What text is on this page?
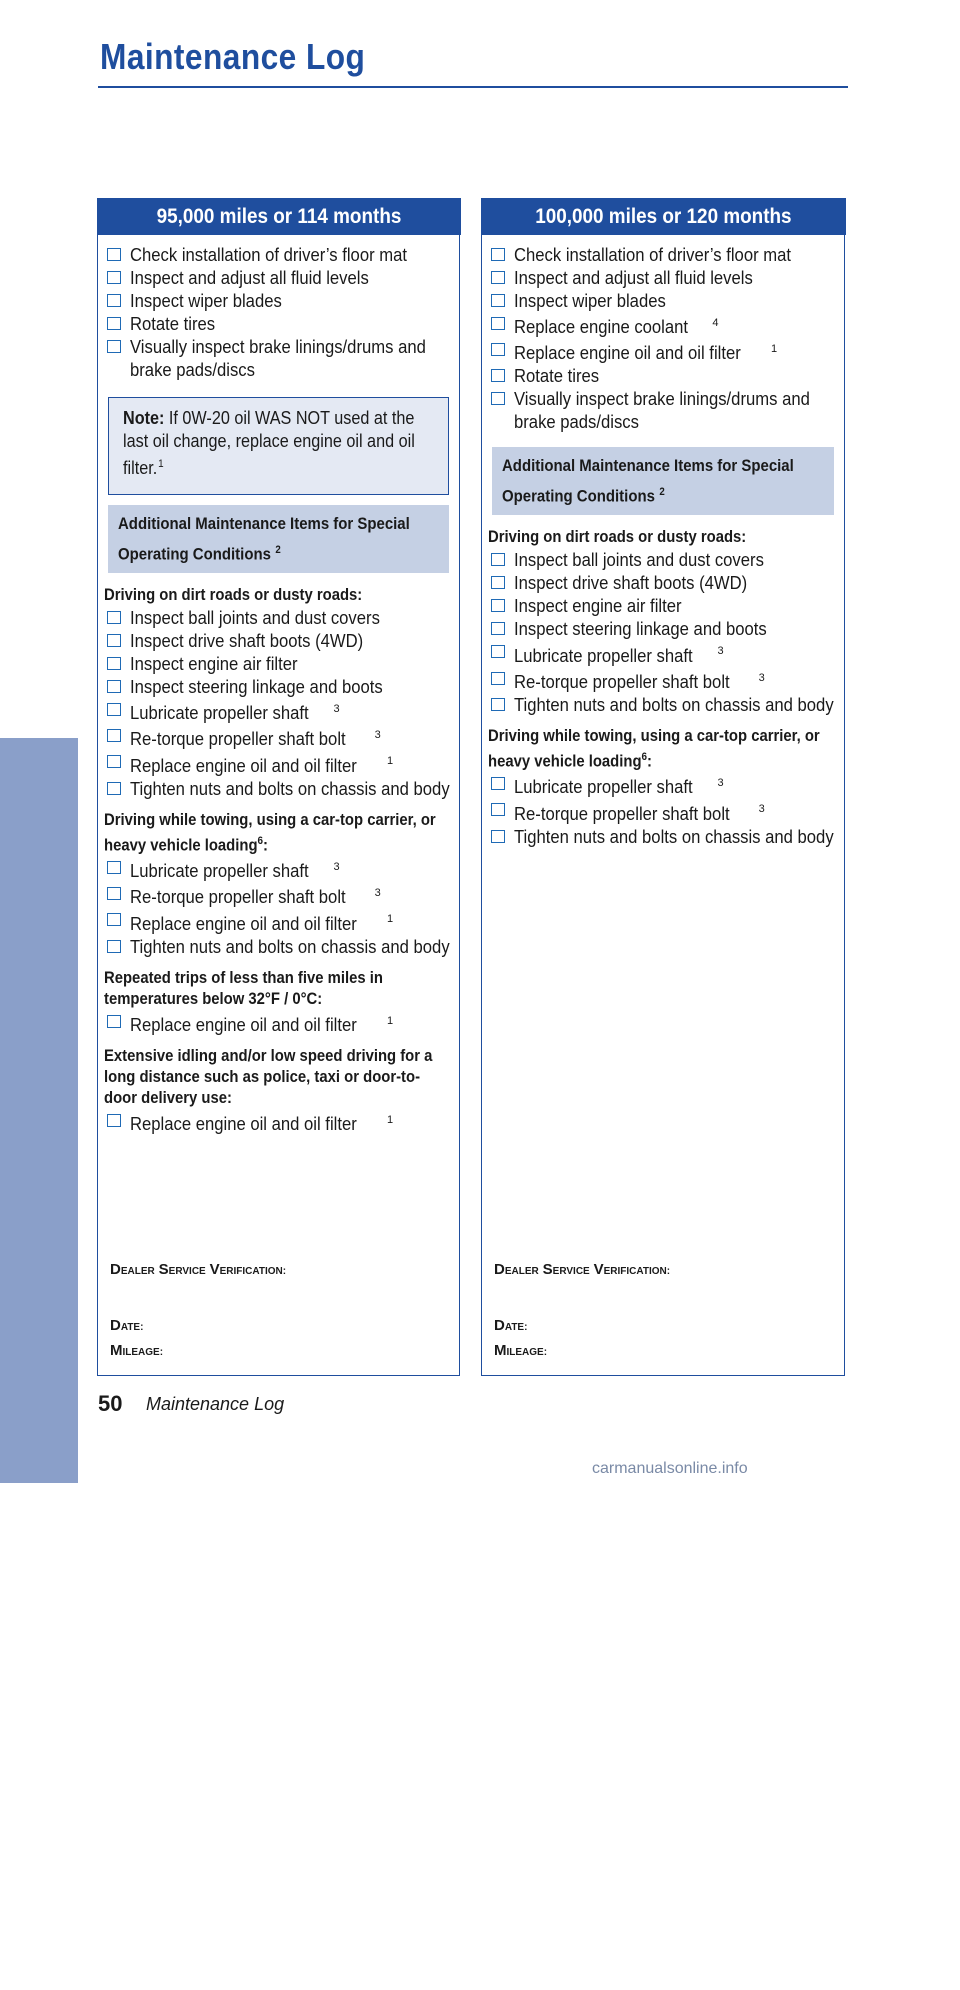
Maintenance Log
MAINTENANCE
95,000 miles or 114 months
Check installation of driver’s floor mat
Inspect and adjust all fluid levels
Inspect wiper blades
Rotate tires
Visually inspect brake linings/drums and brake pads/discs
Note: If 0W-20 oil WAS NOT used at the last oil change, replace engine oil and oil filter.$^1$
Additional Maintenance Items for Special Operating Conditions $^2$
Driving on dirt roads or dusty roads:
Inspect ball joints and dust covers
Inspect drive shaft boots (4WD)
Inspect engine air filter
Inspect steering linkage and boots
Lubricate propeller shaft $^3$
Re-torque propeller shaft bolt	$^3$
Replace engine oil and oil filter	$^1$
Tighten nuts and bolts on chassis and body
Driving while towing, using a car-top carrier, or heavy vehicle loading$^6$:
Lubricate propeller shaft $^3$
Re-torque propeller shaft bolt	$^3$
Replace engine oil and oil filter	$^1$
Tighten nuts and bolts on chassis and body
Repeated trips of less than five miles in temperatures below 32°F / 0°C:
Replace engine oil and oil filter	$^1$
Extensive idling and/or low speed driving for a long distance such as police, taxi or door-to-door delivery use:
Replace engine oil and oil filter	$^1$
DEALER SERVICE VERIFICATION:
DATE:
MILEAGE:
100,000 miles or 120 months
Check installation of driver’s floor mat
Inspect and adjust all fluid levels
Inspect wiper blades
Replace engine coolant $^4$
Replace engine oil and oil filter	$^1$
Rotate tires
Visually inspect brake linings/drums and brake pads/discs
Additional Maintenance Items for Special Operating Conditions $^2$
Driving on dirt roads or dusty roads:
Inspect ball joints and dust covers
Inspect drive shaft boots (4WD)
Inspect engine air filter
Inspect steering linkage and boots
Lubricate propeller shaft $^3$
Re-torque propeller shaft bolt	$^3$
Tighten nuts and bolts on chassis and body
Driving while towing, using a car-top carrier, or heavy vehicle loading$^6$:
Lubricate propeller shaft $^3$
Re-torque propeller shaft bolt	$^3$
Tighten nuts and bolts on chassis and body
DEALER SERVICE VERIFICATION:
DATE:
MILEAGE:
50 Maintenance Log
carmanualsonline.info
